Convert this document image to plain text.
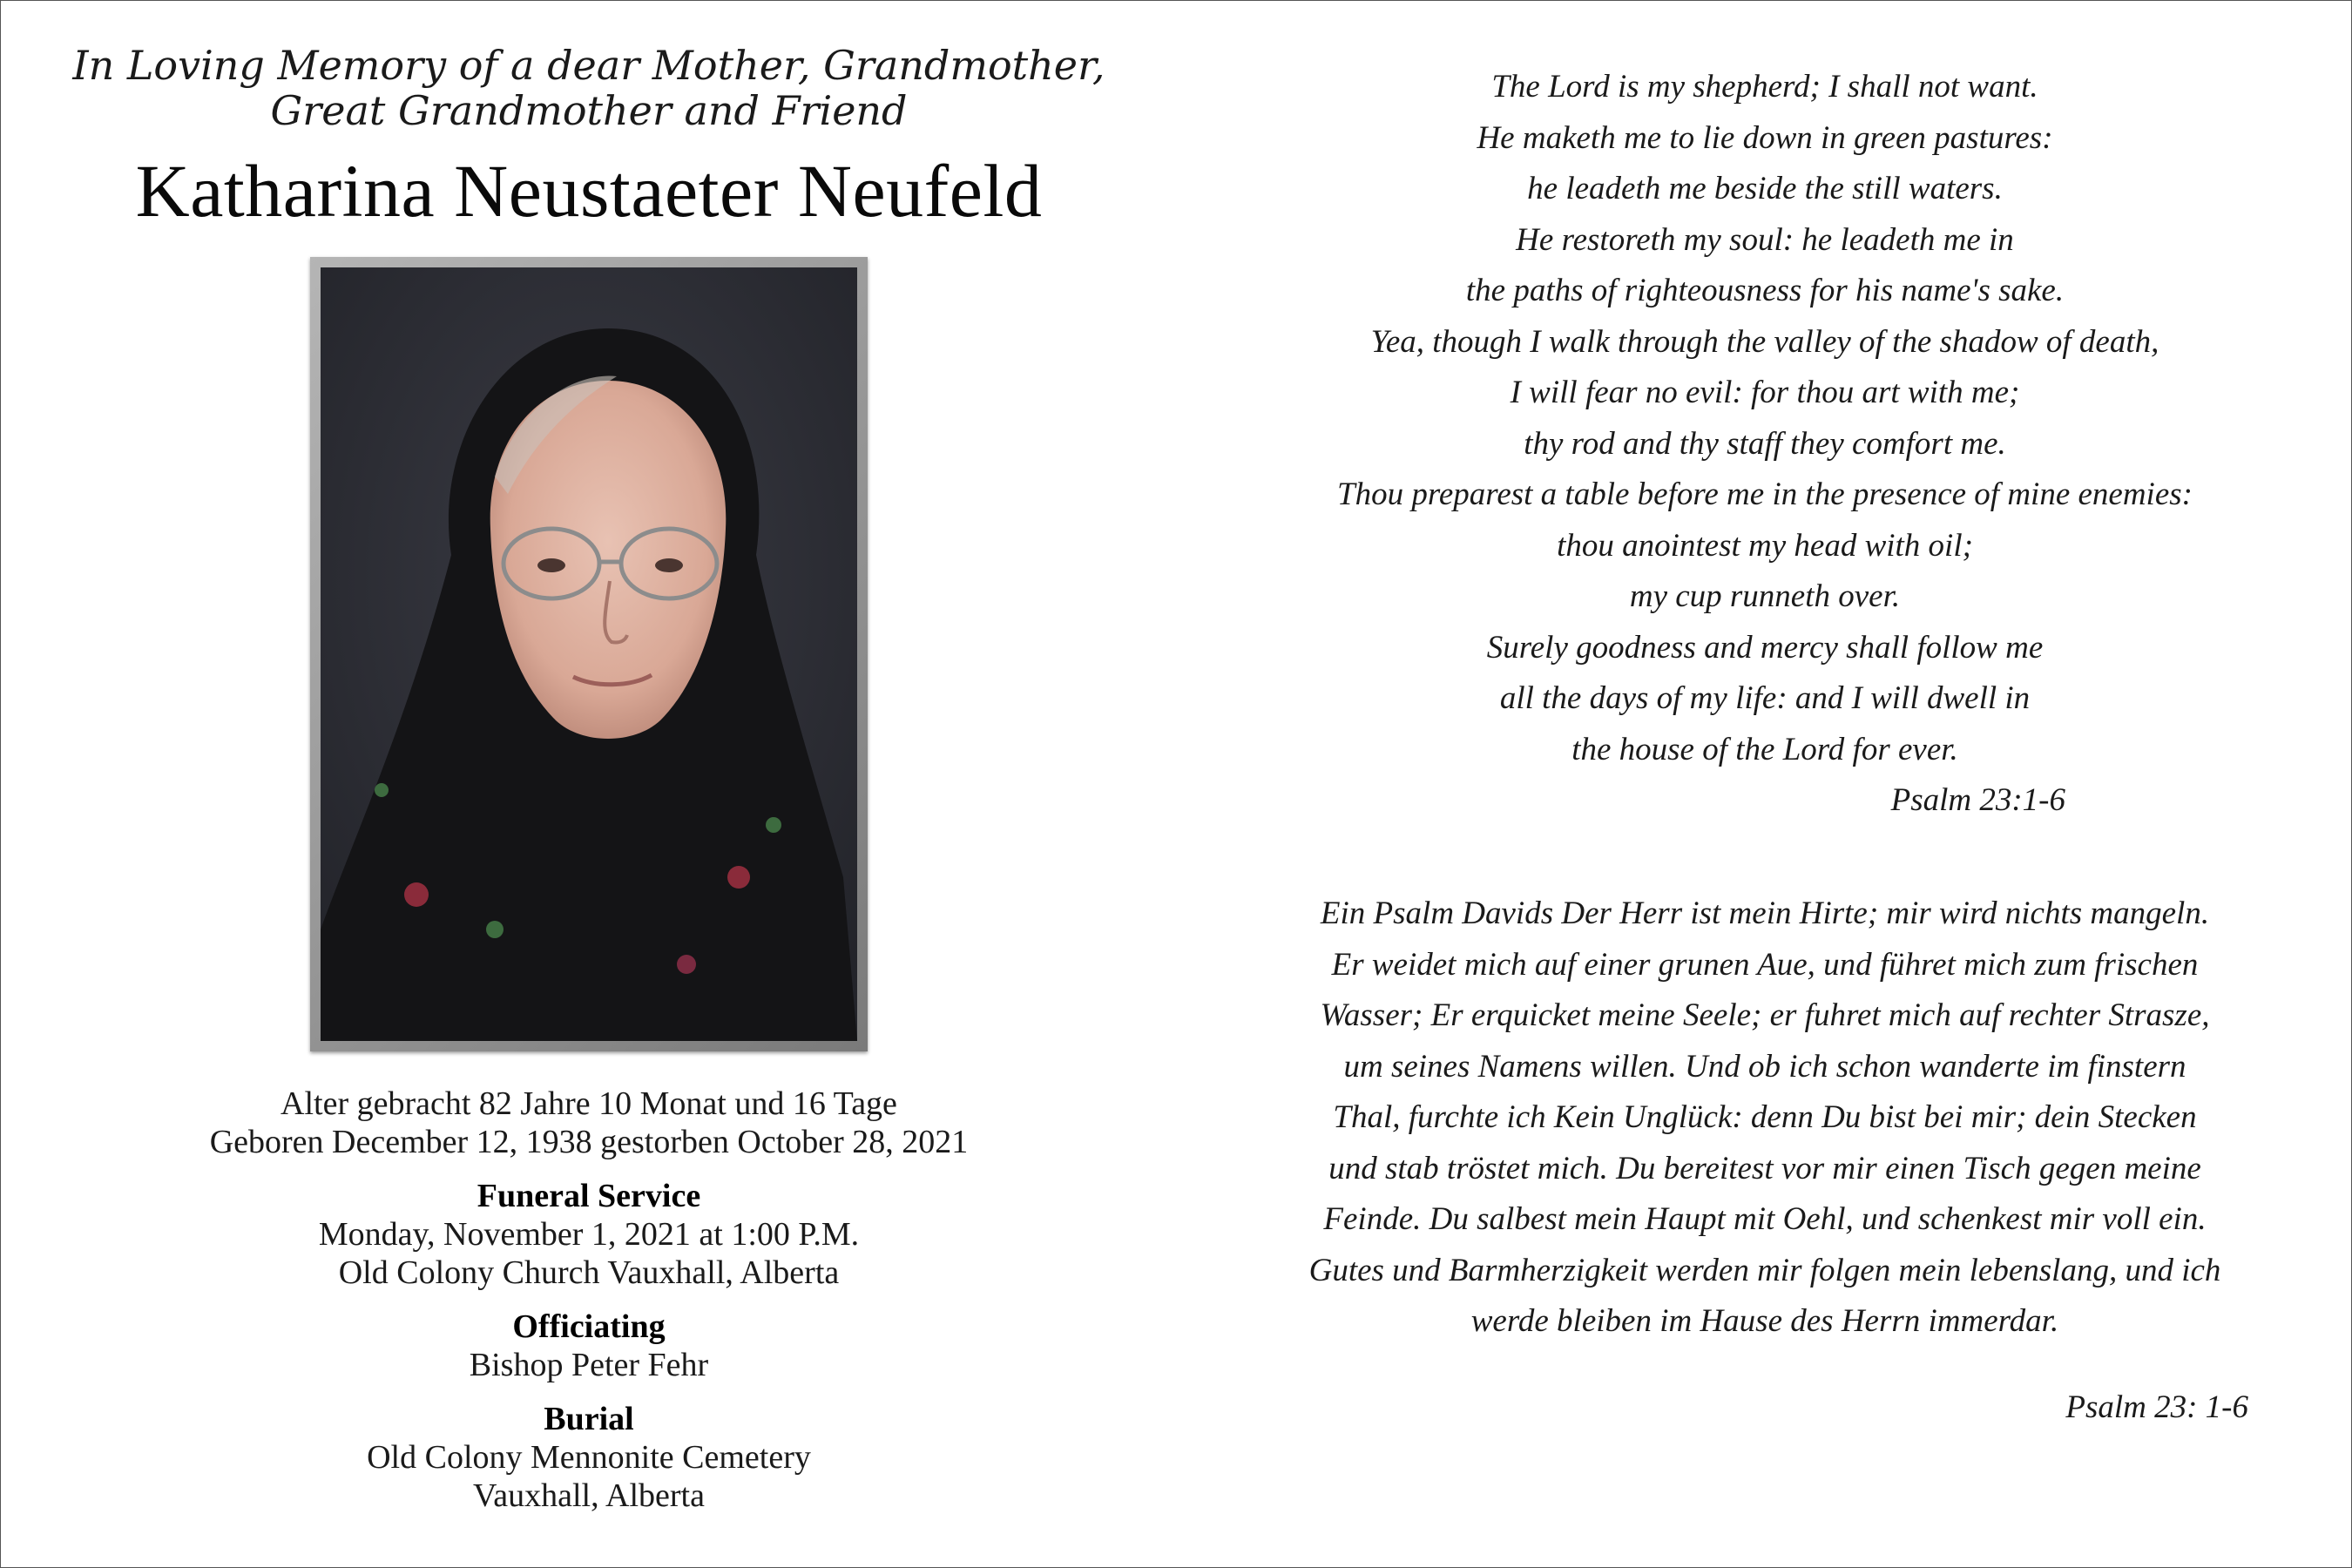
In Loving Memory of a dear Mother, Grandmother,
Great Grandmother and Friend
Katharina Neustaeter Neufeld
Alter gebracht 82 Jahre 10 Monat und 16 Tage
Geboren December 12, 1938 gestorben October 28, 2021
Funeral Service
Monday, November 1, 2021 at 1:00 P.M.
Old Colony Church Vauxhall, Alberta
Officiating
Bishop Peter Fehr
Burial
Old Colony Mennonite Cemetery
Vauxhall, Alberta
The Lord is my shepherd; I shall not want.
He maketh me to lie down in green pastures:
he leadeth me beside the still waters.
He restoreth my soul: he leadeth me in
the paths of righteousness for his name's sake.
Yea, though I walk through the valley of the shadow of death,
I will fear no evil: for thou art with me;
thy rod and thy staff they comfort me.
Thou preparest a table before me in the presence of mine enemies:
thou anointest my head with oil;
my cup runneth over.
Surely goodness and mercy shall follow me
all the days of my life: and I will dwell in
the house of the Lord for ever.
Psalm 23:1-6
Ein Psalm Davids Der Herr ist mein Hirte; mir wird nichts mangeln.
Er weidet mich auf einer grunen Aue, und führet mich zum frischen
Wasser; Er erquicket meine Seele; er fuhret mich auf rechter Strasze,
um seines Namens willen. Und ob ich schon wanderte im finstern
Thal, furchte ich Kein Unglück: denn Du bist bei mir; dein Stecken
und stab tröstet mich. Du bereitest vor mir einen Tisch gegen meine
Feinde. Du salbest mein Haupt mit Oehl, und schenkest mir voll ein.
Gutes und Barmherzigkeit werden mir folgen mein lebenslang, und ich
werde bleiben im Hause des Herrn immerdar.
Psalm 23: 1-6
